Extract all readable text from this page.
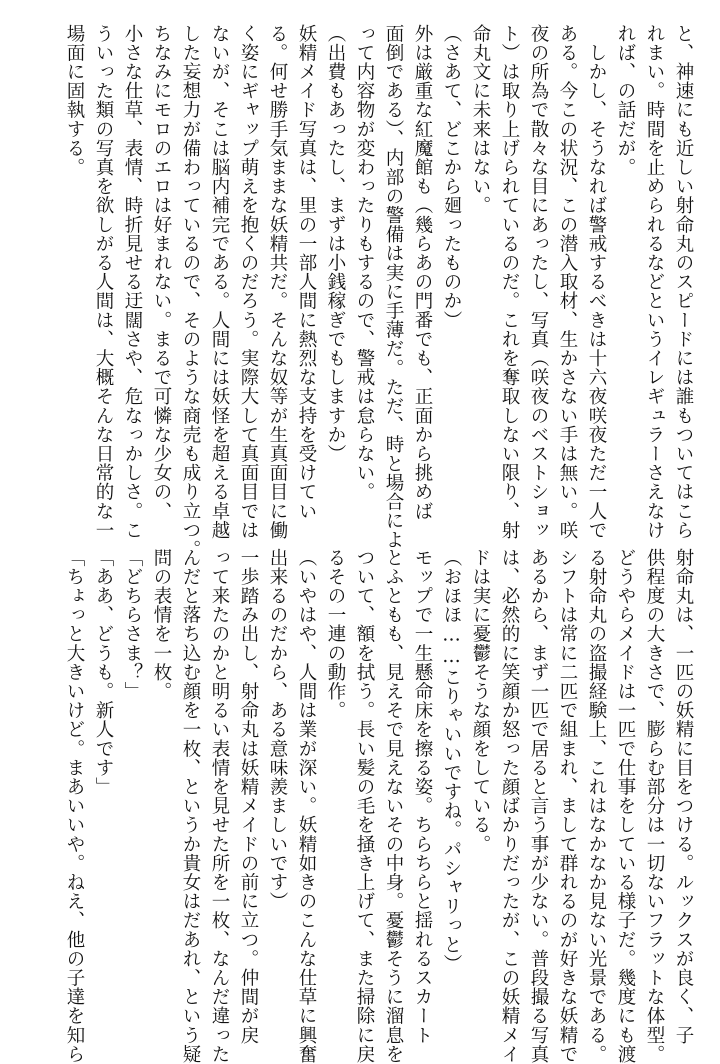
と、神速にも近しい射命丸のスピードには誰もついてはこら
れまい。時間を止められるなどというイレギュラーさえなけ
れば、の話だが。
　しかし、そうなれば警戒するべきは十六夜咲夜ただ一人で
ある。今この状況、この潜入取材、生かさない手は無い。咲
夜の所為で散々な目にあったし、写真（咲夜のベストショッ
ト）は取り上げられているのだ。これを奪取しない限り、射
命丸文に未来はない。
（さあて、どこから廻ったものか）
外は厳重な紅魔館も（幾らあの門番でも、正面から挑めば
面倒である）、内部の警備は実に手薄だ。ただ、時と場合によ
って内容物が変わったりもするので、警戒は怠らない。
（出費もあったし、まずは小銭稼ぎでもしますか）
妖精メイド写真は、里の一部人間に熱烈な支持を受けてい
る。何せ勝手気ままな妖精共だ。そんな奴等が生真面目に働
く姿にギャップ萌えを抱くのだろう。実際大して真面目では
ないが、そこは脳内補完である。人間には妖怪を超える卓越
した妄想力が備わっているので、そのような商売も成り立つ。
ちなみにモロのエロは好まれない。まるで可憐な少女の、
小さな仕草、表情、時折見せる迂闊さや、危なっかしさ。こ
ういった類の写真を欲しがる人間は、大概そんな日常的な一
場面に固執する。
射命丸は、一匹の妖精に目をつける。ルックスが良く、子
供程度の大きさで、膨らむ部分は一切ないフラットな体型。
どうやらメイドは一匹で仕事をしている様子だ。幾度にも渡
る射命丸の盗撮経験上、これはなかなか見ない光景である。
シフトは常に二匹で組まれ、まして群れるのが好きな妖精で
あるから、まず一匹で居ると言う事が少ない。普段撮る写真
は、必然的に笑顔か怒った顔ばかりだったが、この妖精メイ
ドは実に憂鬱そうな顔をしている。
（おほほ……こりゃいいですね。パシャリっと）
モップで一生懸命床を擦る姿。ちらちらと揺れるスカート
とふともも、見えそで見えないその中身。憂鬱そうに溜息を
ついて、額を拭う。長い髪の毛を掻き上げて、また掃除に戻
るその一連の動作。
（いやはや、人間は業が深い。妖精如きのこんな仕草に興奮
出来るのだから、ある意味羨ましいです）
一歩踏み出し、射命丸は妖精メイドの前に立つ。仲間が戻
って来たのかと明るい表情を見せた所を一枚、なんだ違った
んだと落ち込む顔を一枚、というか貴女はだあれ、という疑
問の表情を一枚。
「どちらさま？」
「ああ、どうも。新人です」
「ちょっと大きいけど。まあいいや。ねえ、他の子達を知ら
